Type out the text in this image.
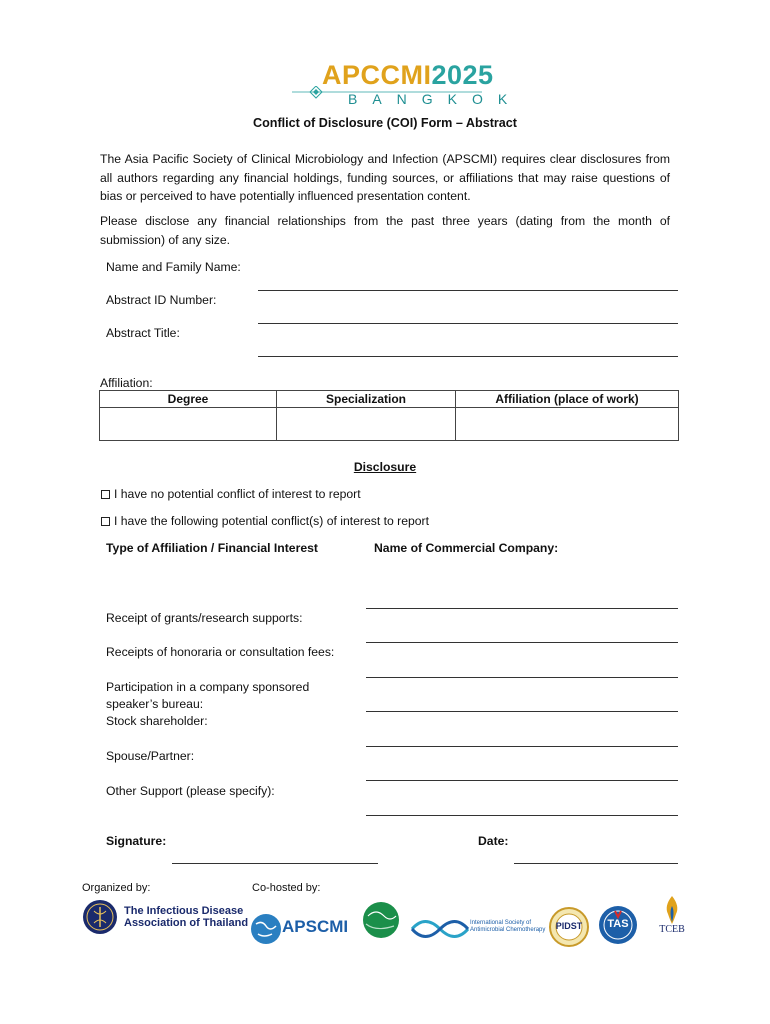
APCCMI2025
BANGKOK
Conflict of Disclosure (COI) Form – Abstract
The Asia Pacific Society of Clinical Microbiology and Infection (APSCMI) requires clear disclosures from all authors regarding any financial holdings, funding sources, or affiliations that may raise questions of bias or perceived to have potentially influenced presentation content.
Please disclose any financial relationships from the past three years (dating from the month of submission) of any size.
Name and Family Name:
Abstract ID Number:
Abstract Title:
Affiliation:
Degree	Specialization	Affiliation (place of work)

Disclosure
I have no potential conflict of interest to report
I have the following potential conflict(s) of interest to report
Type of Affiliation / Financial Interest	Name of Commercial Company:
Receipt of grants/research supports:
Receipts of honoraria or consultation fees:
Participation in a company sponsored
speaker’s bureau:
Stock shareholder:
Spouse/Partner:
Other Support (please specify):
Signature:	Date:
Organized by:	Co-hosted by:
The Infectious Disease
Association of Thailand APSCMI	International Society of
Antimicrobial Chemotherapy	PIDST	TAS	TCEB
